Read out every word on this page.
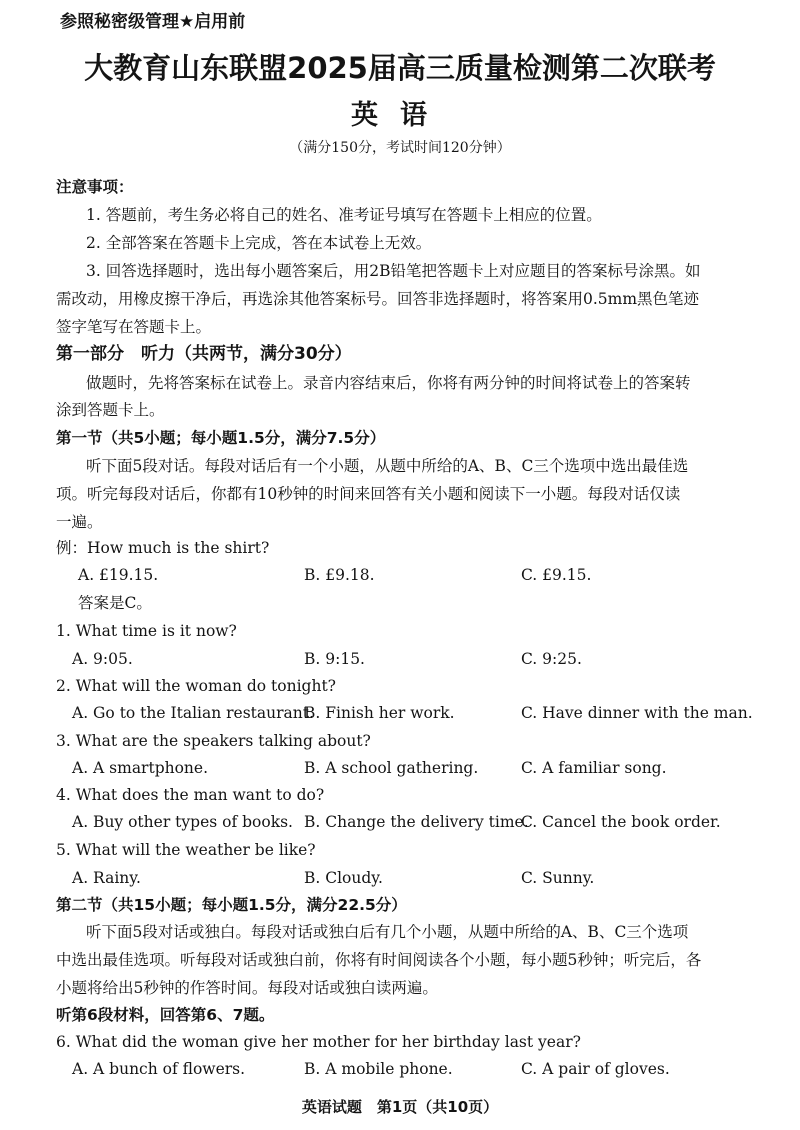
参照秘密级管理★启用前
大教育山东联盟2025届高三质量检测第二次联考
英语
（满分150分，考试时间120分钟）
注意事项：
1. 答题前，考生务必将自己的姓名、准考证号填写在答题卡上相应的位置。
2. 全部答案在答题卡上完成，答在本试卷上无效。
3. 回答选择题时，选出每小题答案后，用2B铅笔把答题卡上对应题目的答案标号涂黑。如
需改动，用橡皮擦干净后，再选涂其他答案标号。回答非选择题时，将答案用0.5mm黑色笔迹
签字笔写在答题卡上。
第一部分　听力（共两节，满分30分）
做题时，先将答案标在试卷上。录音内容结束后，你将有两分钟的时间将试卷上的答案转
涂到答题卡上。
第一节（共5小题；每小题1.5分，满分7.5分）
听下面5段对话。每段对话后有一个小题，从题中所给的A、B、C三个选项中选出最佳选
项。听完每段对话后，你都有10秒钟的时间来回答有关小题和阅读下一小题。每段对话仅读
一遍。
例：How much is the shirt?
A. £19.15.	B. £9.18.	C. £9.15.
答案是C。
1. What time is it now?
A. 9:05.	B. 9:15.	C. 9:25.
2. What will the woman do tonight?
A. Go to the Italian restaurant.
B. Finish her work.	C. Have dinner with the man.
3. What are the speakers talking about?
A. A smartphone.	B. A school gathering.	C. A familiar song.
4. What does the man want to do?
A. Buy other types of books. B. Change the delivery time.
C. Cancel the book order.
5. What will the weather be like?
A. Rainy.	B. Cloudy.	C. Sunny.
第二节（共15小题；每小题1.5分，满分22.5分）
听下面5段对话或独白。每段对话或独白后有几个小题，从题中所给的A、B、C三个选项
中选出最佳选项。听每段对话或独白前，你将有时间阅读各个小题，每小题5秒钟；听完后，各
小题将给出5秒钟的作答时间。每段对话或独白读两遍。
听第6段材料，回答第6、7题。
6. What did the woman give her mother for her birthday last year?
A. A bunch of flowers.	B. A mobile phone.	C. A pair of gloves.
英语试题　第1页（共10页）
